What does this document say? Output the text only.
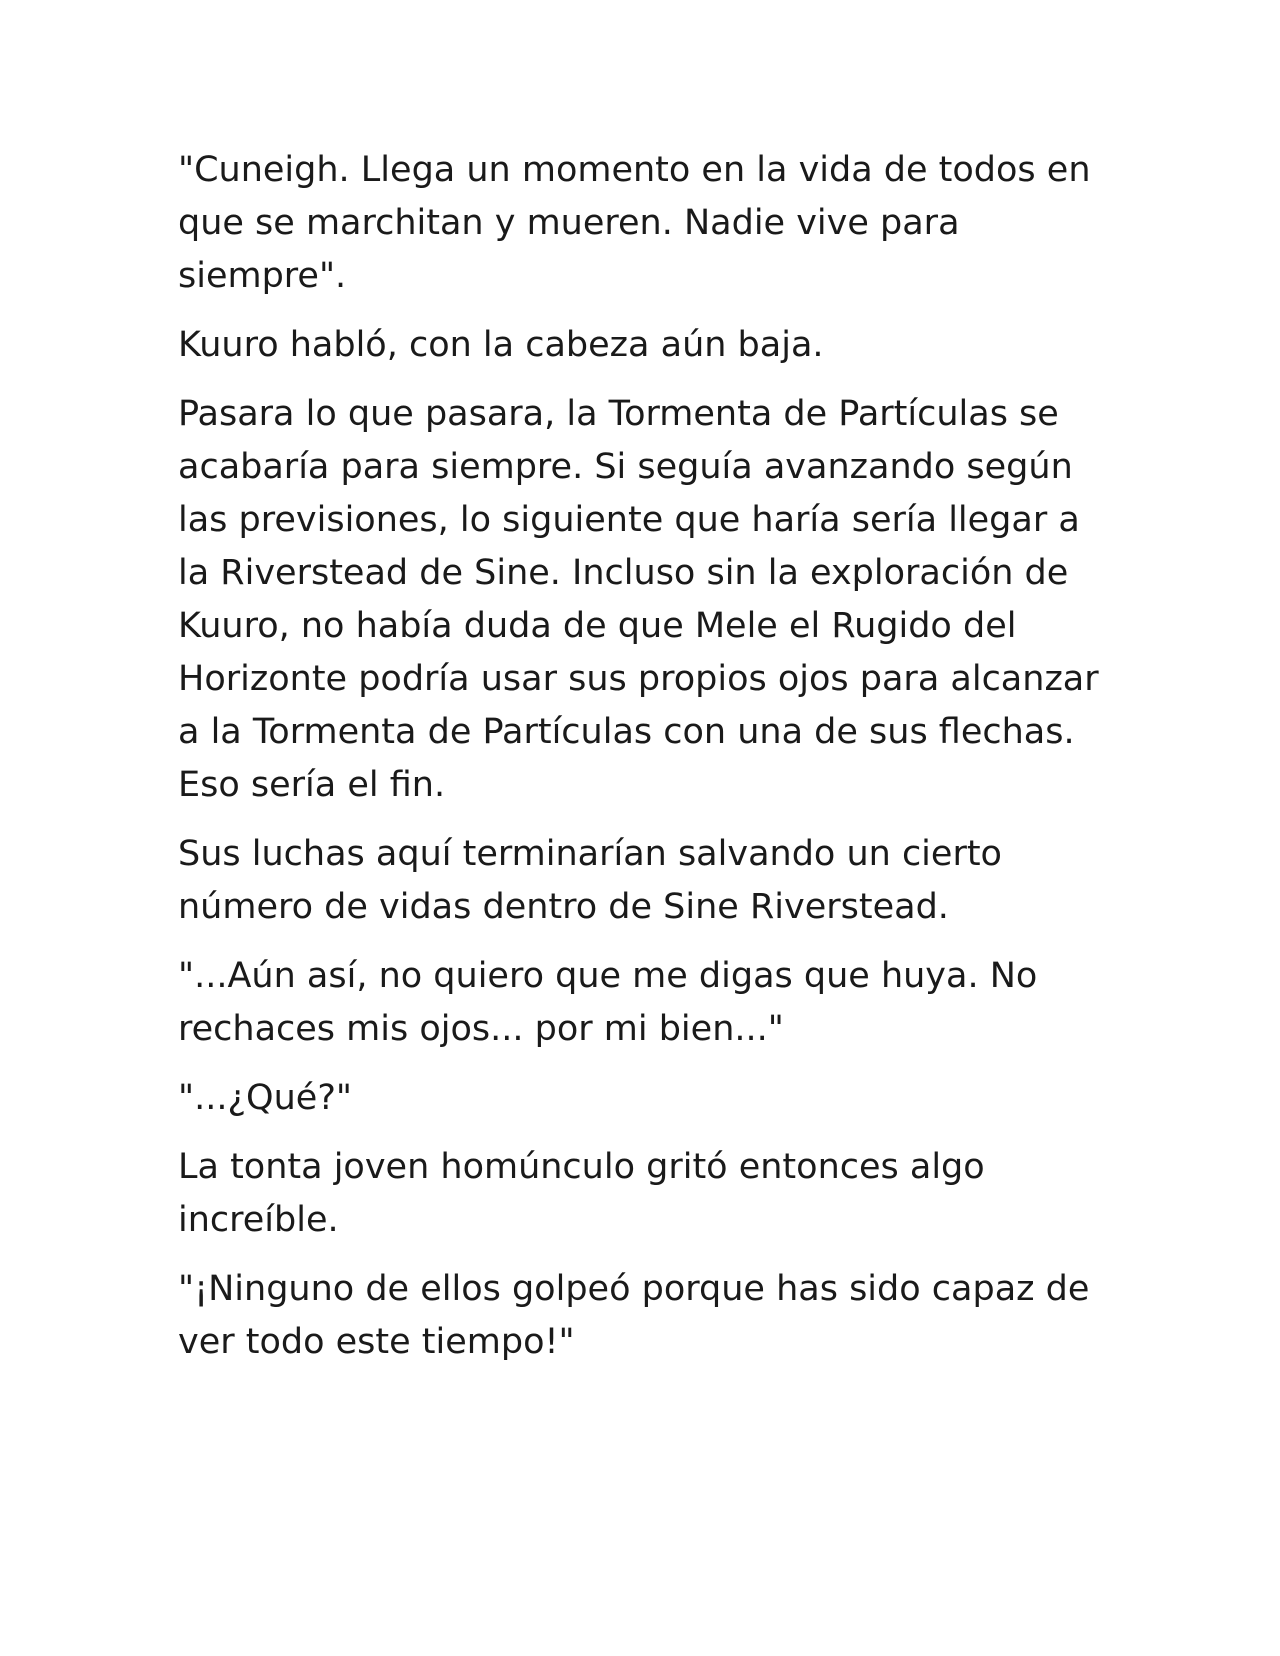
"Cuneigh. Llega un momento en la vida de todos en que se marchitan y mueren. Nadie vive para siempre".

Kuuro habló, con la cabeza aún baja.

Pasara lo que pasara, la Tormenta de Partículas se acabaría para siempre. Si seguía avanzando según las previsiones, lo siguiente que haría sería llegar a la Riverstead de Sine. Incluso sin la exploración de Kuuro, no había duda de que Mele el Rugido del Horizonte podría usar sus propios ojos para alcanzar a la Tormenta de Partículas con una de sus flechas. Eso sería el fin.

Sus luchas aquí terminarían salvando un cierto número de vidas dentro de Sine Riverstead.

"...Aún así, no quiero que me digas que huya. No rechaces mis ojos... por mi bien..."

"...¿Qué?"

La tonta joven homúnculo gritó entonces algo increíble.

"¡Ninguno de ellos golpeó porque has sido capaz de ver todo este tiempo!"
